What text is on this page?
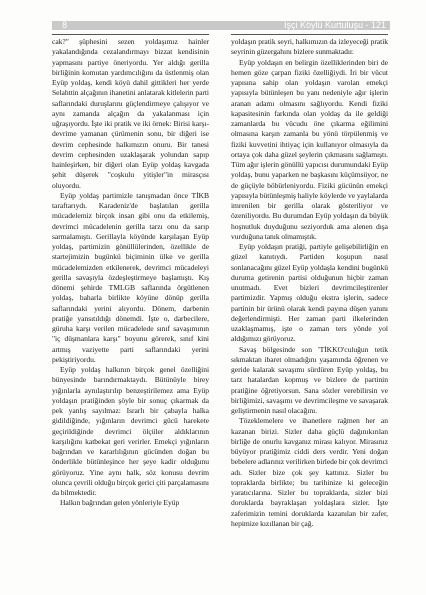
8	İşçi Köylü Kurtuluşu - 121

cak?" şüphesini sezen yoldaşımız hainler yakalandığında cezalandırmayı bizzat kendisinin yapmasını partiye öneriyordu. Yer aldığı gerilla birliğinin komutan yardımcılığını da üstlenmiş olan Eyüp yoldaş, kendi köyü dahil gittikleri her yerde Selahttin alçağının ihanetini anlatarak kitlelerin parti saflarındaki duruşlarını güçlendirmeye çalışıyor ve aynı zamanda alçağın da yakalanması için uğraşıyordu. İşte iki pratik ve iki örnek: Birisi karşı-devrime yamanan çürümenin sonu, bir diğeri ise devrim cephesinde halkımızın onuru. Bir tanesi devrim cephesinden uzaklaşarak yolundan sapıp hainleşirken, bir diğeri olan Eyüp yoldaş kavgada şehit düşerek "coşkulu yitişler"in mirasçısı oluyordu.

Eyüp yoldaş partimizle tanışmadan önce TİKB taraftarıydı. Karadeniz'de başlatılan gerilla mücadelemiz birçok insan gibi onu da etkilemiş, devrimci mücadelenin gerilla tarzı onu da sarıp sarmalamıştı. Gerillayla köyünde karşılaşan Eyüp yoldaş, partimizin gönüllülerinden, özellikle de startejimizin bugünkü biçiminin ülke ve gerilla mücadelemizden etkilenerek, devrimci mücadeleyi gerilla savaşıyla özdeşleştirmeye başlamıştı. Kış dönemi şehirde TMLGB saflarında örgütlenen yoldaş, baharla birlikte köyüne dönüp gerilla saflarındaki yerini alıyordu. Dönem, darbenin pratiğe yansıtıldığı dönemdi. İşte o, darbecilere, güruha karşı verilen mücadelede sınıf savaşımının "iç düşmanlara karşı" boyunu görerek, sınıf kini artmış vaziyette parti saflarındaki yerini pekiştiriyordu.

Eyüp yoldaş halkının birçok genel özelliğini bünyesinde barındırmaktaydı. Bütünüyle birey yığınlarla aynılaştırılıp benzeştirilemez ama Eyüp yoldaşın pratiğinden şöyle bir sonuç çıkarmak da pek yanlış sayılmaz: Israrlı bir çabayla halka gidildiğinde, yığınların devrimci gücü harekete geçirildiğinde devrimci ölçüler aldıklarının karşılığını katbekat geri verirler. Emekçi yığınların bağrından ve kararlılığının gücünden doğan bu önderlikle bütünleşince her şeye kadir olduğunu görüyoruz. Yine aynı halk, söz konusu devrim olunca çevrili olduğu birçok gerici çiti parçalamasını da bilmektedir.

Halkın bağrından gelen yönleriyle Eyüp

yoldaşın pratik seyri, halkımızın da izleyeceği pratik seyrinin güzergahını bizlere sunmaktadır.

Eyüp yoldaşın en belirgin özelliklerinden biri de hemen göze çarpan fiziki özelliğiydi. İri bir vücut yapısına sahip olan yoldaşın varolan emekçi yapısıyla bütünleşen bu yanı nedeniyle ağır işlerin aranan adamı olmasını sağlıyordu. Kendi fiziki kapasitesinin farkında olan yoldaş da ile geldiği zamanlarda bu vücudu öne çıkarma eğilimini olmasına karşın zamanla bu yönü törpülenmiş ve fiziki kuvvetini ihtiyaç için kullanıyor olmasıyla da ortaya çok daha güzel şeylerin çıkmasını sağlamıştı. Tüm ağır işlerin gönüllü yapıcısı durumundaki Eyüp yoldaş, bunu yaparken ne başkasını küçümsüyor, ne de güçüyle böbürleniyordu. Fiziki gücünün emekçi yapısıyla bütünleşmiş haliyle köylerde ve yaylalarda imrenilen bir gerilla olarak gösteriliyor ve özeniliyordu. Bu durumdan Eyüp yoldaşın da büyük hoşnutluk duyduğunu seziyorduk ama alenen dışa vurduğuna tanık olmamıştık.

Eyüp yoldaşın pratiği, partiyle gelişebilirliğin en güzel kanıtıydı. Partiden koşupun nasıl sonlanacağını güzel Eyüp yoldaşla kendini bugünkü duruma getirenin partisi olduğunun hiçbir zaman unutmadı. Evet bizleri devrimcileştirenler partimizdir. Yapmış olduğu ekstra işlerin, sadece partinin bir ürünü olarak kendi payına düşen yanını değerlendirmişti. Her zaman parti ilkelerinden uzaklaşmamış, işte o zaman ters yönde yol aldığımızı görüyoruz.

Savaş bölgesinde son 'TİKKO'culuğun tetik sıkmaktan ibaret olmadığını yaşamında öğrenen ve geride kalarak savaşımı sürdüren Eyüp yoldaş, bu tarz hatalardan kopmuş ve bizlere de partinin pratiğine öğretiyorsun. Sana sözler verebilirsin ve birliğimizi, savaşımı ve devrimcileşme ve savaşarak geliştirmenin nasıl olacağını.

Tözeklemelere ve ihanetlere rağmen her an kazanan birizi. Sizler daha güçlü dağınıkırılan birliğe de onurlu kavganız mirası kalıyor. Mirasınız büyüyor pratiğimiz ciddi ders verdir. Yeni doğan bebelere adlarınız verilirken birlede bir çok devrimci adı. Sizler bize çok şey kattınız. Sizler bu topraklarda birlikte; bu tarihinize ki geleceğin yaratıcılarına. Sizler bu topraklarda, sizler bizi doruklarda bayraklaşan yoldaşlara sizler. İşte zaferimizin temini doruklarda kazanılan bir zafer, hepimize kızıllanan bir çağ.
